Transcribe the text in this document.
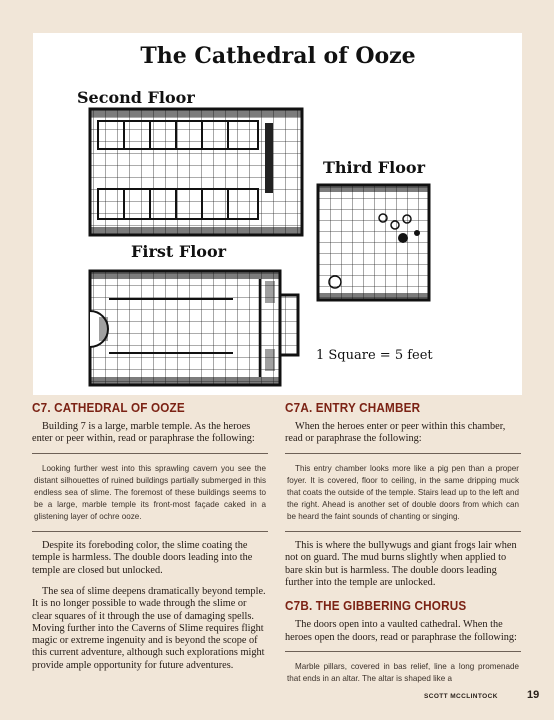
The Cathedral of Ooze
Second Floor
Third Floor
First Floor
1 Square = 5 feet
C7. CATHEDRAL OF OOZE

Building 7 is a large, marble temple. As the heroes enter or peer within, read or paraphrase the following:

Looking further west into this sprawling cavern you see the distant silhouettes of ruined buildings partially submerged in this endless sea of slime. The foremost of these buildings seems to be a large, marble temple its front-most façade caked in a glistening layer of ochre ooze.

Despite its foreboding color, the slime coating the temple is harmless. The double doors leading into the temple are closed but unlocked.

The sea of slime deepens dramatically beyond temple. It is no longer possible to wade through the slime or clear squares of it through the use of damaging spells. Moving further into the Caverns of Slime requires flight magic or extreme ingenuity and is beyond the scope of this current adventure, although such explorations might provide ample opportunity for future adventures.

C7A. ENTRY CHAMBER

When the heroes enter or peer within this chamber, read or paraphrase the following:

This entry chamber looks more like a pig pen than a proper foyer. It is covered, floor to ceiling, in the same dripping muck that coats the outside of the temple. Stairs lead up to the left and the right. Ahead is another set of double doors from which can be heard the faint sounds of chanting or singing.

This is where the bullywugs and giant frogs lair when not on guard. The mud burns slightly when applied to bare skin but is harmless. The double doors leading further into the temple are unlocked.

C7B. THE GIBBERING CHORUS

The doors open into a vaulted cathedral. When the heroes open the doors, read or paraphrase the following:

Marble pillars, covered in bas relief, line a long promenade that ends in an altar. The altar is shaped like a
SCOTT MCCLINTOCK	19
